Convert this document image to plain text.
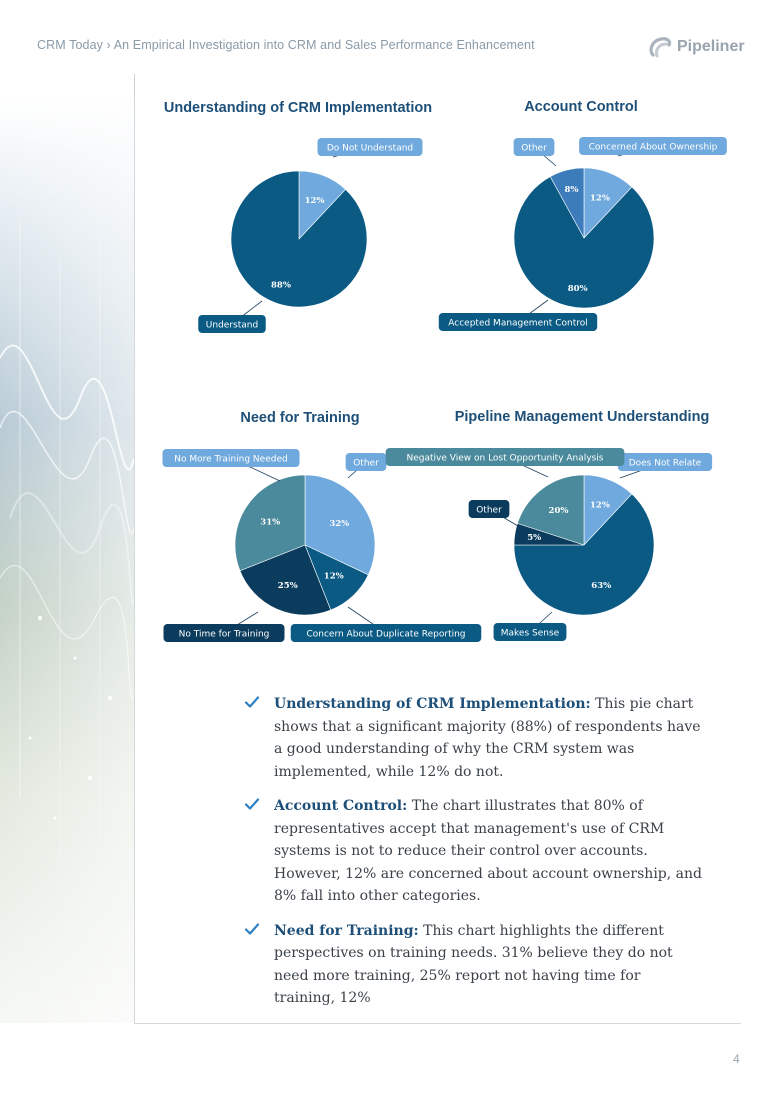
CRM Today › An Empirical Investigation into CRM and Sales Performance Enhancement	Pipeliner
Understanding of CRM Implementation
Do Not Understand
Understand
12%
88%
Account Control
Concerned About Ownership
Accepted Management Control
Other
12%
80%
8%
Need for Training
Other
Concern About Duplicate Reporting
No Time for Training
No More Training Needed
32%
12%
25%
31%
Pipeline Management Understanding
Does Not Relate
Makes Sense
Other
Negative View on Lost Opportunity Analysis
12%
63%
5%
20%
Understanding of CRM Implementation: This pie chart shows that a significant majority (88%) of respondents have a good understanding of why the CRM system was implemented, while 12% do not.
Account Control: The chart illustrates that 80% of representatives accept that management's use of CRM systems is not to reduce their control over accounts. However, 12% are concerned about account ownership, and 8% fall into other categories.
Need for Training: This chart highlights the different perspectives on training needs. 31% believe they do not need more training, 25% report not having time for training, 12%
4
